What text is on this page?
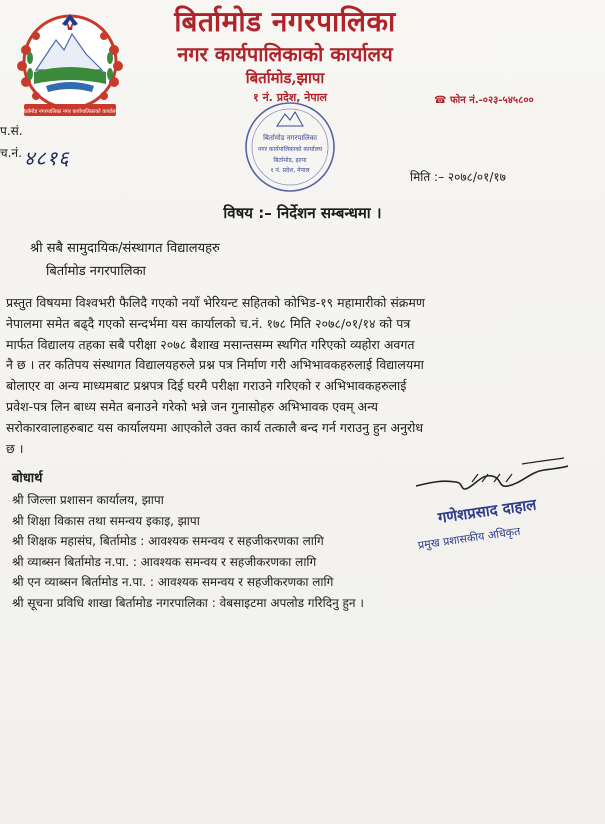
बिर्तामोड नगरपालिका नगर कार्यपालिकाको कार्यालय
बिर्तामोड नगरपालिका
नगर कार्यपालिकाको कार्यालय
बिर्तामोड,झापा
१ नं. प्रदेश, नेपाल	☎ फोन नं.-०२३-५४५८००
बिर्तामोड नगरपालिका
नगर कार्यपालिकाको कार्यालय
बिर्तामोड, झापा
१ नं. प्रदेश, नेपाल
प.सं.
च.नं. ४८१६
मिति :– २०७८/०१/१७
विषय :– निर्देशन सम्बन्धमा ।
श्री सबै सामुदायिक/संस्थागत विद्यालयहरु
बिर्तामोड नगरपालिका
प्रस्तुत विषयमा विश्वभरी फैलिदै गएको नयाँ भेरियन्ट सहितको कोभिड-१९ महामारीको संक्रमण
नेपालमा समेत बढ्दै गएको सन्दर्भमा यस कार्यालको च.नं. १७८ मिति २०७८/०१/१४ को पत्र
मार्फत विद्यालय तहका सबै परीक्षा २०७८ बैशाख मसान्तसम्म स्थगित गरिएको व्यहोरा अवगत
नै छ । तर कतिपय संस्थागत विद्यालयहरुले प्रश्न पत्र निर्माण गरी अभिभावकहरुलाई विद्यालयमा
बोलाएर वा अन्य माध्यमबाट प्रश्नपत्र दिई घरमै परीक्षा गराउने गरिएको र अभिभावकहरुलाई
प्रवेश-पत्र लिन बाध्य समेत बनाउने गरेको भन्ने जन गुनासोहरु अभिभावक एवम् अन्य
सरोकारवालाहरुबाट यस कार्यालयमा आएकोले उक्त कार्य तत्कालै बन्द गर्न गराउनु हुन अनुरोध
छ ।
बोधार्थ
श्री जिल्ला प्रशासन कार्यालय, झापा
श्री शिक्षा विकास तथा समन्वय इकाइ, झापा
श्री शिक्षक महासंघ, बिर्तामोड : आवश्यक समन्वय र सहजीकरणका लागि
श्री व्याब्सन बिर्तामोड न.पा. : आवश्यक समन्वय र सहजीकरणका लागि
श्री एन व्याब्सन बिर्तामोड न.पा. : आवश्यक समन्वय र सहजीकरणका लागि
श्री सूचना प्रविधि शाखा बिर्तामोड नगरपालिका : वेबसाइटमा अपलोड गरिदिनु हुन ।
गणेशप्रसाद दाहाल
प्रमुख प्रशासकीय अधिकृत
